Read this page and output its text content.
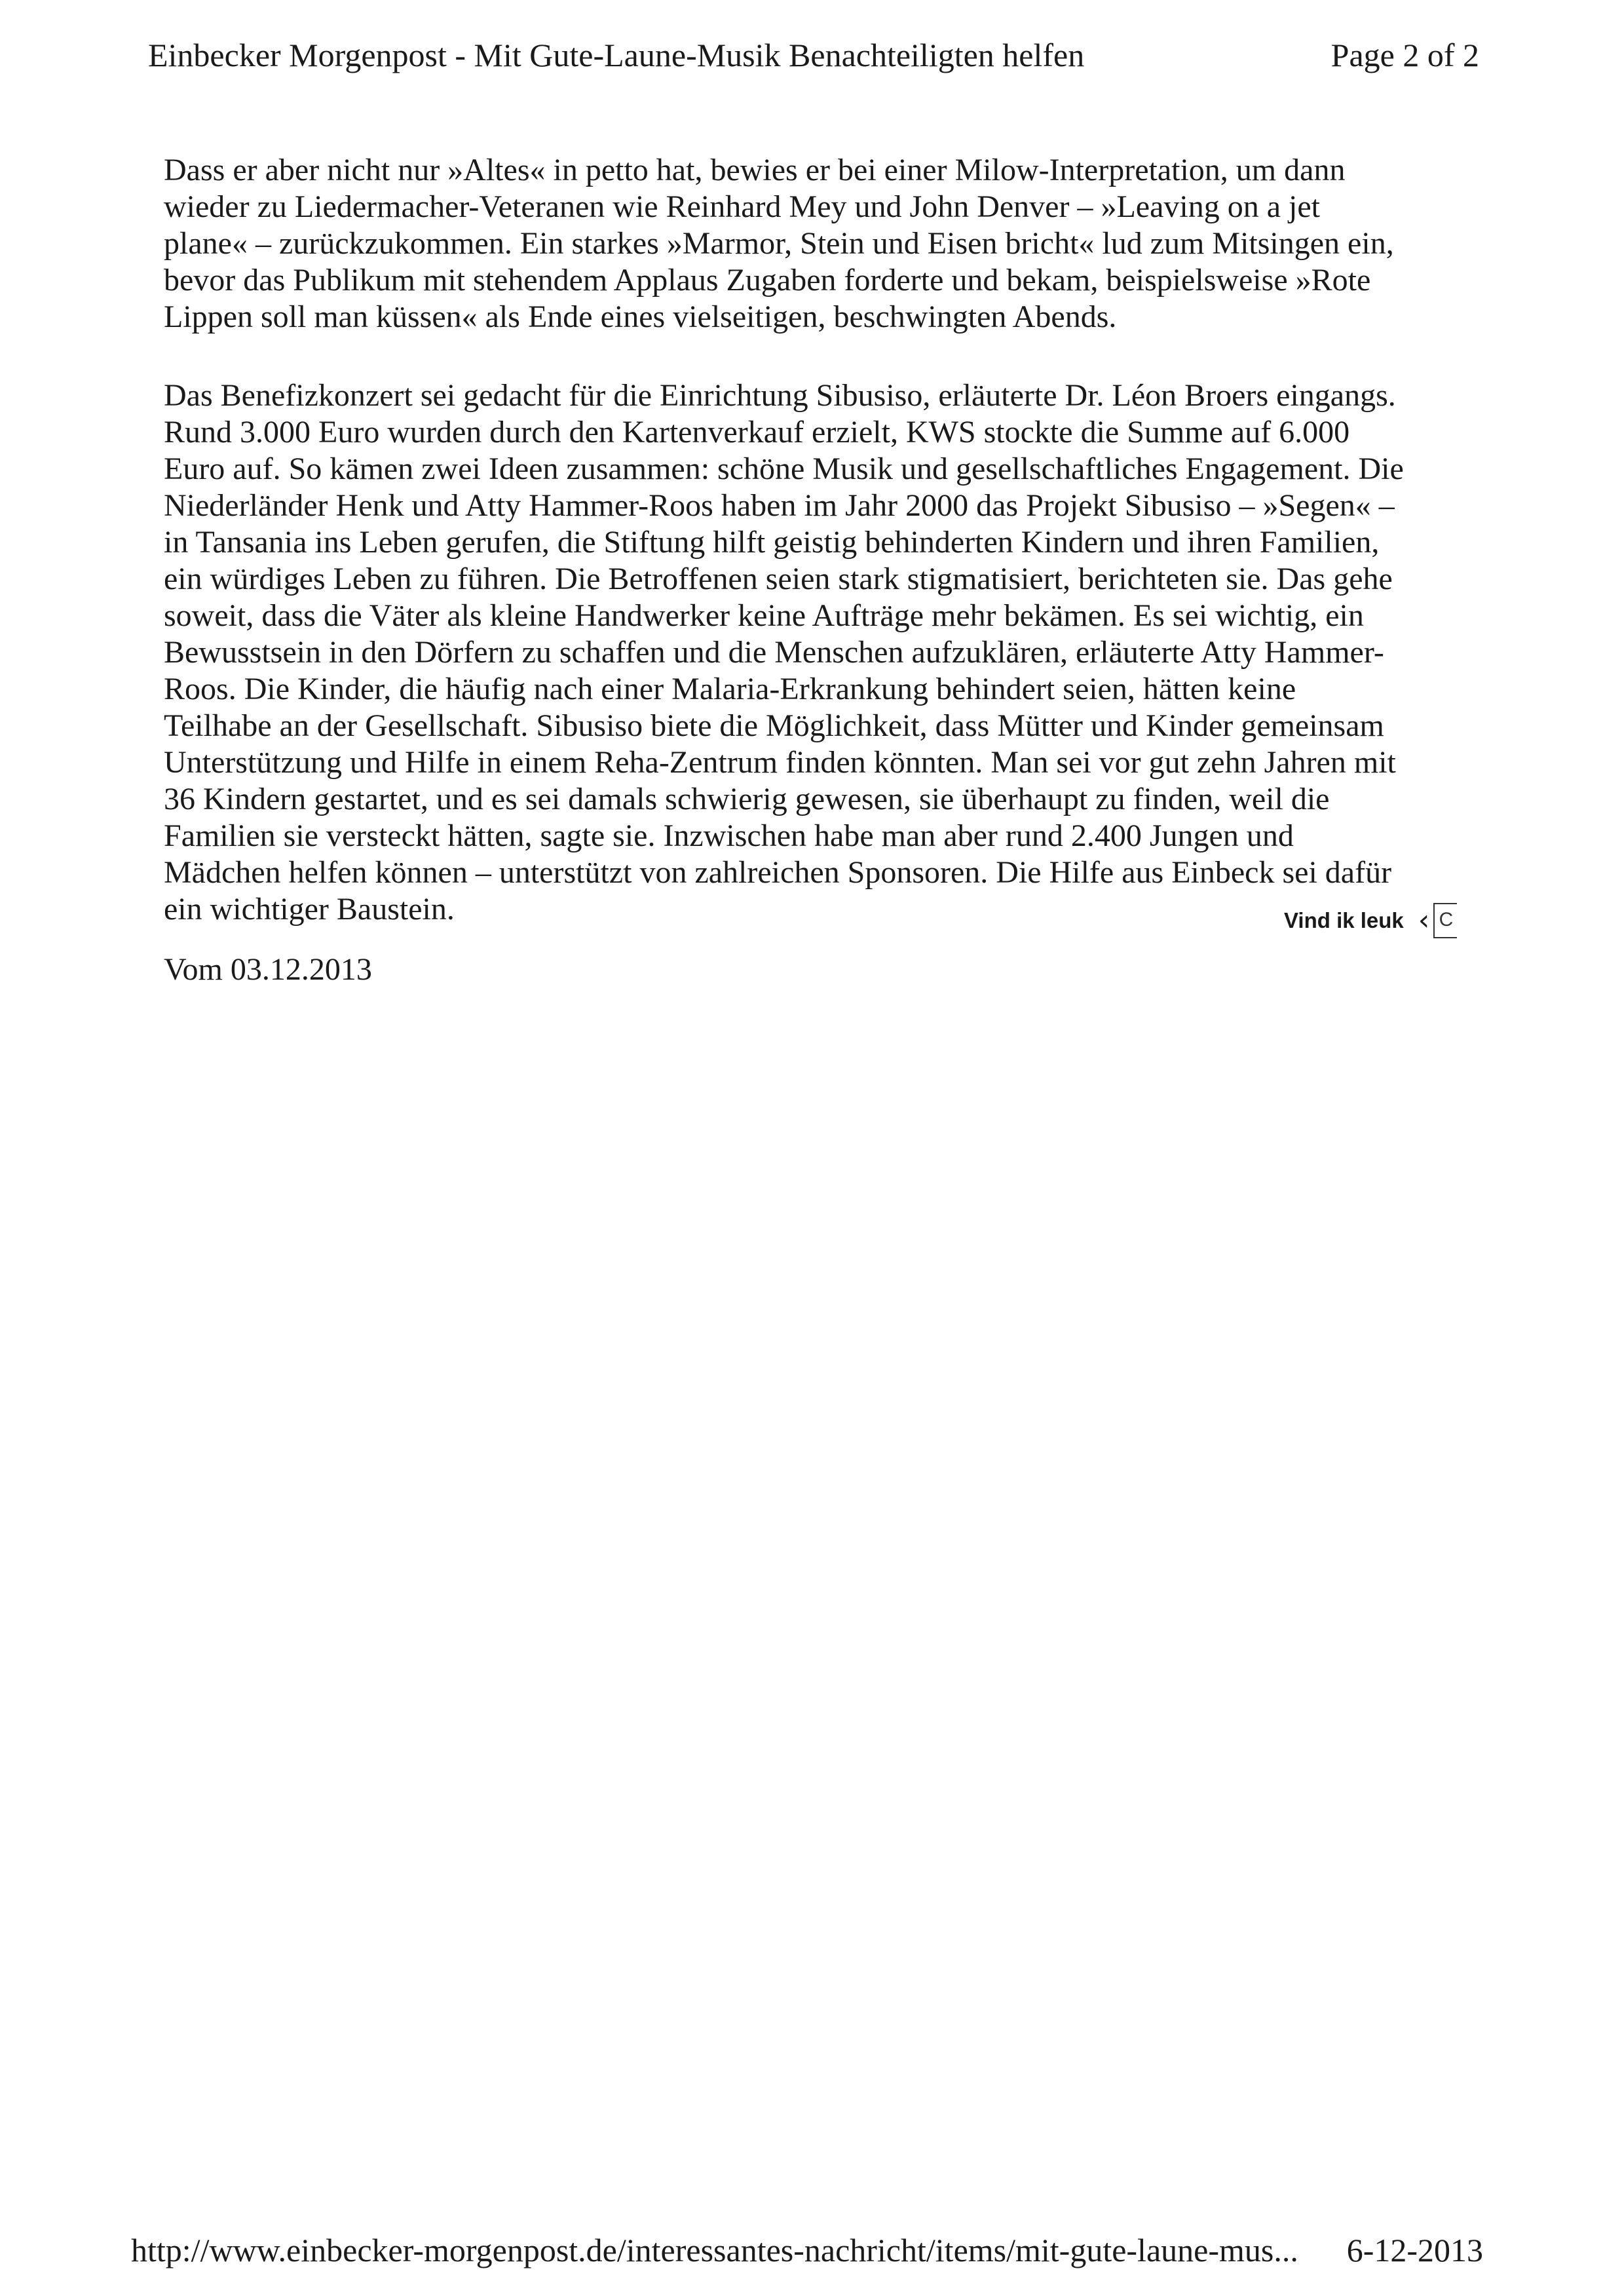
Einbecker Morgenpost - Mit Gute-Laune-Musik Benachteiligten helfen	Page 2 of 2
Dass er aber nicht nur »Altes« in petto hat, bewies er bei einer Milow-Interpretation, um dann
wieder zu Liedermacher-Veteranen wie Reinhard Mey und John Denver – »Leaving on a jet
plane« – zurückzukommen. Ein starkes »Marmor, Stein und Eisen bricht« lud zum Mitsingen ein,
bevor das Publikum mit stehendem Applaus Zugaben forderte und bekam, beispielsweise »Rote
Lippen soll man küssen« als Ende eines vielseitigen, beschwingten Abends.
Das Benefizkonzert sei gedacht für die Einrichtung Sibusiso, erläuterte Dr. Léon Broers eingangs.
Rund 3.000 Euro wurden durch den Kartenverkauf erzielt, KWS stockte die Summe auf 6.000
Euro auf. So kämen zwei Ideen zusammen: schöne Musik und gesellschaftliches Engagement. Die
Niederländer Henk und Atty Hammer-Roos haben im Jahr 2000 das Projekt Sibusiso – »Segen« –
in Tansania ins Leben gerufen, die Stiftung hilft geistig behinderten Kindern und ihren Familien,
ein würdiges Leben zu führen. Die Betroffenen seien stark stigmatisiert, berichteten sie. Das gehe
soweit, dass die Väter als kleine Handwerker keine Aufträge mehr bekämen. Es sei wichtig, ein
Bewusstsein in den Dörfern zu schaffen und die Menschen aufzuklären, erläuterte Atty Hammer-
Roos. Die Kinder, die häufig nach einer Malaria-Erkrankung behindert seien, hätten keine
Teilhabe an der Gesellschaft. Sibusiso biete die Möglichkeit, dass Mütter und Kinder gemeinsam
Unterstützung und Hilfe in einem Reha-Zentrum finden könnten. Man sei vor gut zehn Jahren mit
36 Kindern gestartet, und es sei damals schwierig gewesen, sie überhaupt zu finden, weil die
Familien sie versteckt hätten, sagte sie. Inzwischen habe man aber rund 2.400 Jungen und
Mädchen helfen können – unterstützt von zahlreichen Sponsoren. Die Hilfe aus Einbeck sei dafür
ein wichtiger Baustein.	Vind ik leuk ‹ C
Vom 03.12.2013
http://www.einbecker-morgenpost.de/interessantes-nachricht/items/mit-gute-laune-mus... 6-12-2013
